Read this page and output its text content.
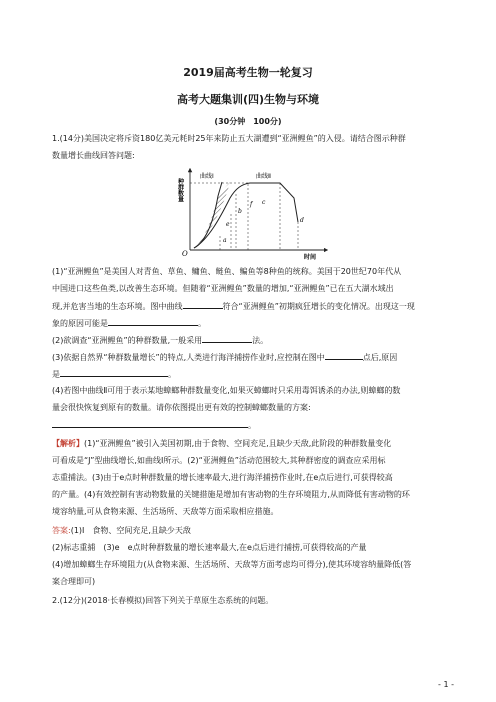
2019届高考生物一轮复习
高考大题集训(四)生物与环境
(30分钟　100分)
1.(14分)美国决定将斥资180亿美元耗时25年来防止五大湖遭到“亚洲鲤鱼”的入侵。请结合图示种群
数量增长曲线回答问题:
种群数量
时间
O
曲线Ⅰ	曲线Ⅱ
a
b
c
d
e
f
(1)“亚洲鲤鱼”是美国人对青鱼、草鱼、鳙鱼、鲢鱼、鳊鱼等8种鱼的统称。美国于20世纪70年代从
中国进口这些鱼类,以改善生态环境。但随着“亚洲鲤鱼”数量的增加,“亚洲鲤鱼”已在五大湖水域出
现,并危害当地的生态环境。图中曲线	符合“亚洲鲤鱼”初期疯狂增长的变化情况。出现这一现
象的原因可能是	。
(2)欲调查“亚洲鲤鱼”的种群数量,一般采用	法。
(3)依据自然界“种群数量增长”的特点,人类进行海洋捕捞作业时,应控制在图中	点后,原因
是	。
(4)若图中曲线Ⅱ可用于表示某地蟑螂种群数量变化,如果灭蟑螂时只采用毒饵诱杀的办法,则蟑螂的数
量会很快恢复到原有的数量。请你依图提出更有效的控制蟑螂数量的方案:
。
【解析】(1)“亚洲鲤鱼”被引入美国初期,由于食物、空间充足,且缺少天敌,此阶段的种群数量变化
可看成是“J”型曲线增长,如曲线Ⅰ所示。(2)“亚洲鲤鱼”活动范围较大,其种群密度的调查应采用标
志重捕法。(3)由于e点时种群数量的增长速率最大,进行海洋捕捞作业时,在e点后进行,可获得较高
的产量。(4)有效控制有害动物数量的关键措施是增加有害动物的生存环境阻力,从而降低有害动物的环
境容纳量,可从食物来源、生活场所、天敌等方面采取相应措施。
答案:(1)Ⅰ　食物、空间充足,且缺少天敌
(2)标志重捕　(3)e　e点时种群数量的增长速率最大,在e点后进行捕捞,可获得较高的产量
(4)增加蟑螂生存环境阻力(从食物来源、生活场所、天敌等方面考虑均可得分),使其环境容纳量降低(答
案合理即可)
2.(12分)(2018·长春模拟)回答下列关于草原生态系统的问题。
- 1 -
